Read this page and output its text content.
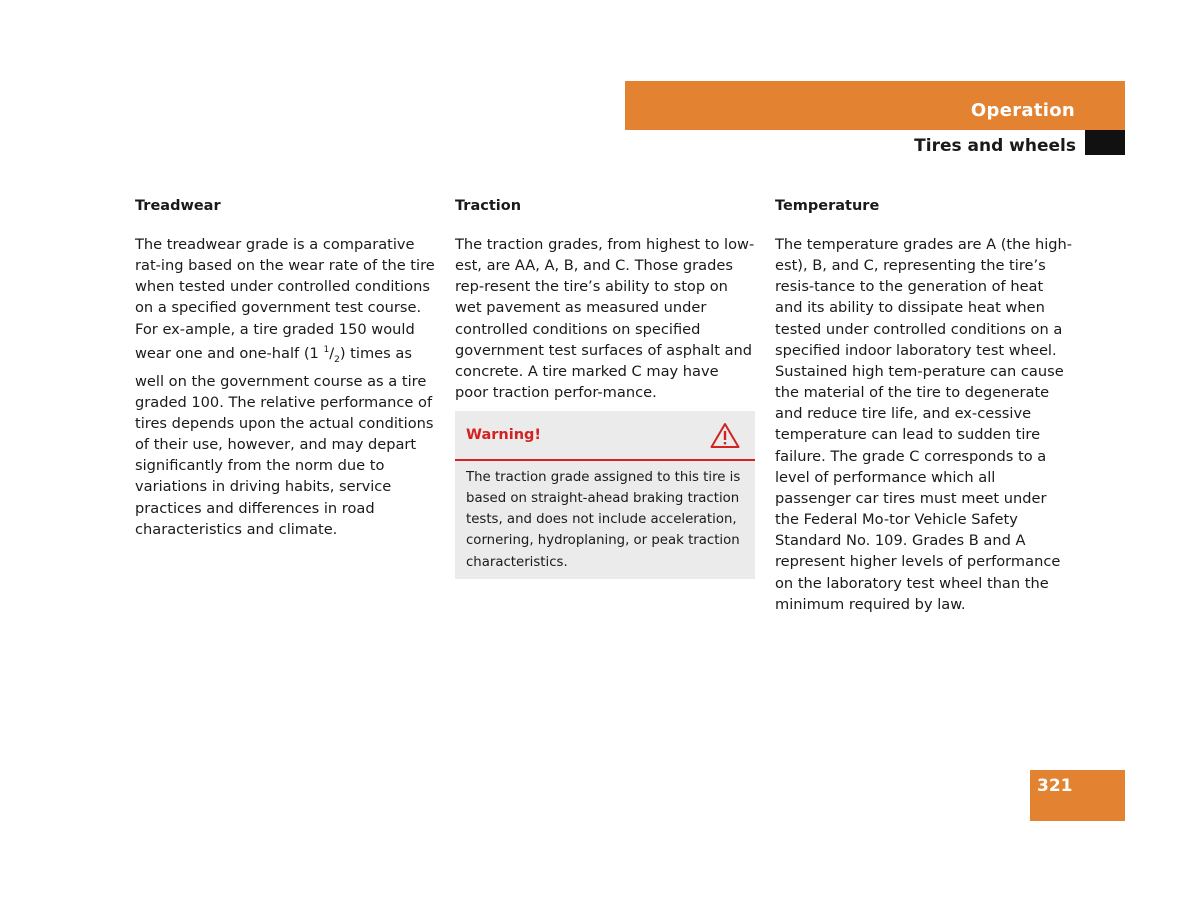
Operation
Tires and wheels
Treadwear

The treadwear grade is a comparative rat-ing based on the wear rate of the tire when tested under controlled conditions on a specified government test course. For ex-ample, a tire graded 150 would wear one and one-half (1 $^1/_2$) times as well on the government course as a tire graded 100. The relative performance of tires depends upon the actual conditions of their use, however, and may depart significantly from the norm due to variations in driving habits, service practices and differences in road characteristics and climate.

Traction

The traction grades, from highest to low-est, are AA, A, B, and C. Those grades rep-resent the tire’s ability to stop on wet pavement as measured under controlled conditions on specified government test surfaces of asphalt and concrete. A tire marked C may have poor traction perfor-mance.

Warning!
The traction grade assigned to this tire is based on straight-ahead braking traction tests, and does not include acceleration, cornering, hydroplaning, or peak traction characteristics.
Temperature

The temperature grades are A (the high-est), B, and C, representing the tire’s resis-tance to the generation of heat and its ability to dissipate heat when tested under controlled conditions on a specified indoor laboratory test wheel. Sustained high tem-perature can cause the material of the tire to degenerate and reduce tire life, and ex-cessive temperature can lead to sudden tire failure. The grade C corresponds to a level of performance which all passenger car tires must meet under the Federal Mo-tor Vehicle Safety Standard No. 109. Grades B and A represent higher levels of performance on the laboratory test wheel than the minimum required by law.

321
